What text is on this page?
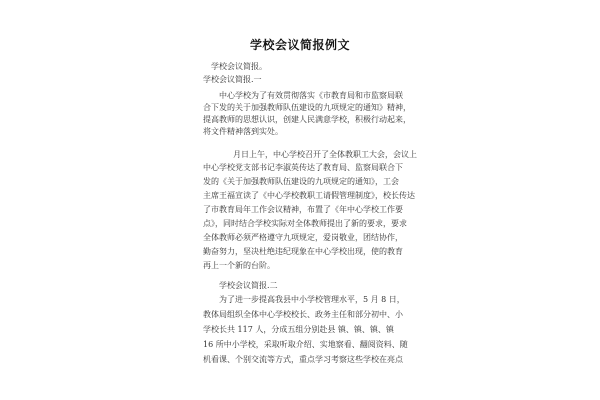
学校会议简报例文
学校会议简报。
学校会议简报.一
中心学校为了有效贯彻落实《市教育局和市监察局联
合下发的关于加强教师队伍建设的九项规定的通知》精神，
提高教师的思想认识，创建人民满意学校，积极行动起来，
将文件精神落到实处。
月日上午，中心学校召开了全体教职工大会，会议上
中心学校党支部书记李淑英传达了教育局、监察局联合下
发的《关于加强教师队伍建设的九项规定的通知》，工会
主席王福宣读了《中心学校教职工请假管理制度》，校长传达
了市教育局年工作会议精神，布置了《年中心学校工作要
点》，同时结合学校实际对全体教师提出了新的要求，要求
全体教师必须严格遵守九项规定，爱岗敬业，团结协作，
勤奋努力，坚决杜绝违纪现象在中心学校出现，使的教育
再上一个新的台阶。
学校会议简报.二
为了进一步提高我县中小学校管理水平，5 月 8 日，
教体局组织全体中心学校校长、政务主任和部分初中、小
学校长共 117 人，分成五组分别赴县 镇、镇、镇、镇
16 所中小学校，采取听取介绍、实地察看、翻阅资料、随
机看课、个别交流等方式，重点学习考察这些学校在亮点
